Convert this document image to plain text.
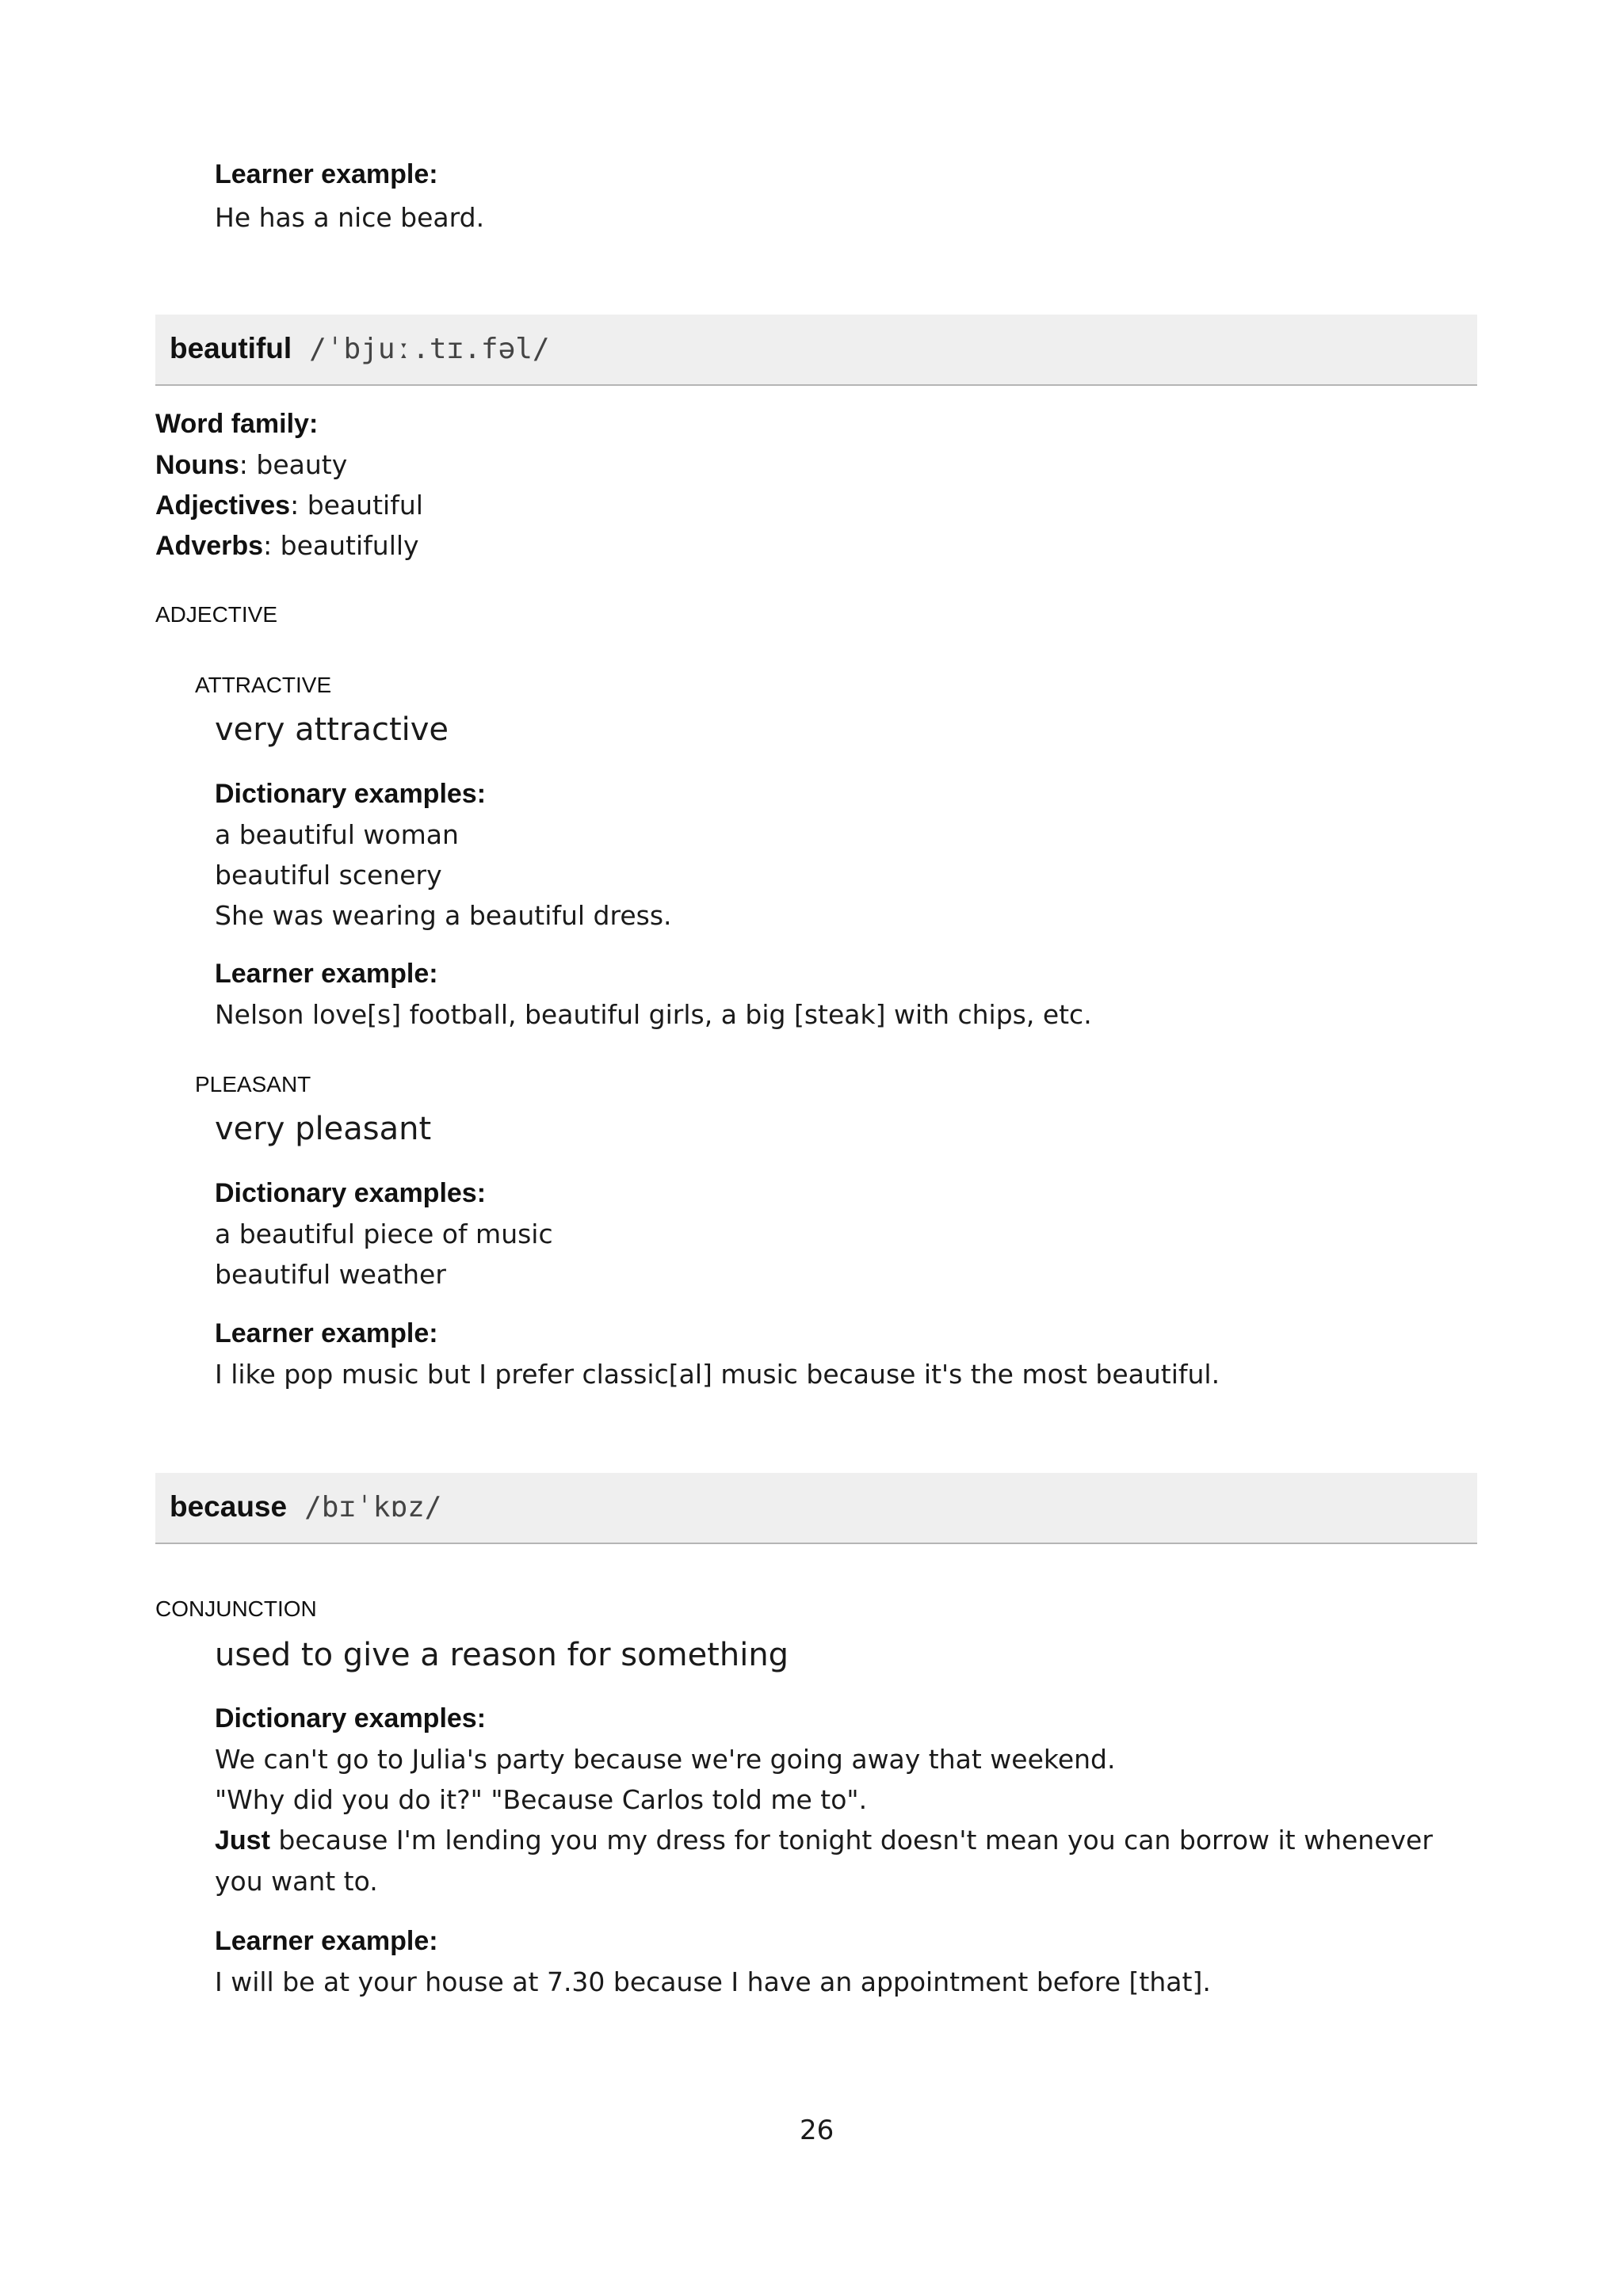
Learner example:
He has a nice beard.
beautiful /ˈbjuː.tɪ.fəl/
Word family:
Nouns: beauty
Adjectives: beautiful
Adverbs: beautifully
ADJECTIVE
ATTRACTIVE
very attractive
Dictionary examples:
a beautiful woman
beautiful scenery
She was wearing a beautiful dress.
Learner example:
Nelson love[s] football, beautiful girls, a big [steak] with chips, etc.
PLEASANT
very pleasant
Dictionary examples:
a beautiful piece of music
beautiful weather
Learner example:
I like pop music but I prefer classic[al] music because it's the most beautiful.
because /bɪˈkɒz/
CONJUNCTION
used to give a reason for something
Dictionary examples:
We can't go to Julia's party because we're going away that weekend.
"Why did you do it?" "Because Carlos told me to".
Just because I'm lending you my dress for tonight doesn't mean you can borrow it whenever you want to.
Learner example:
I will be at your house at 7.30 because I have an appointment before [that].
26
